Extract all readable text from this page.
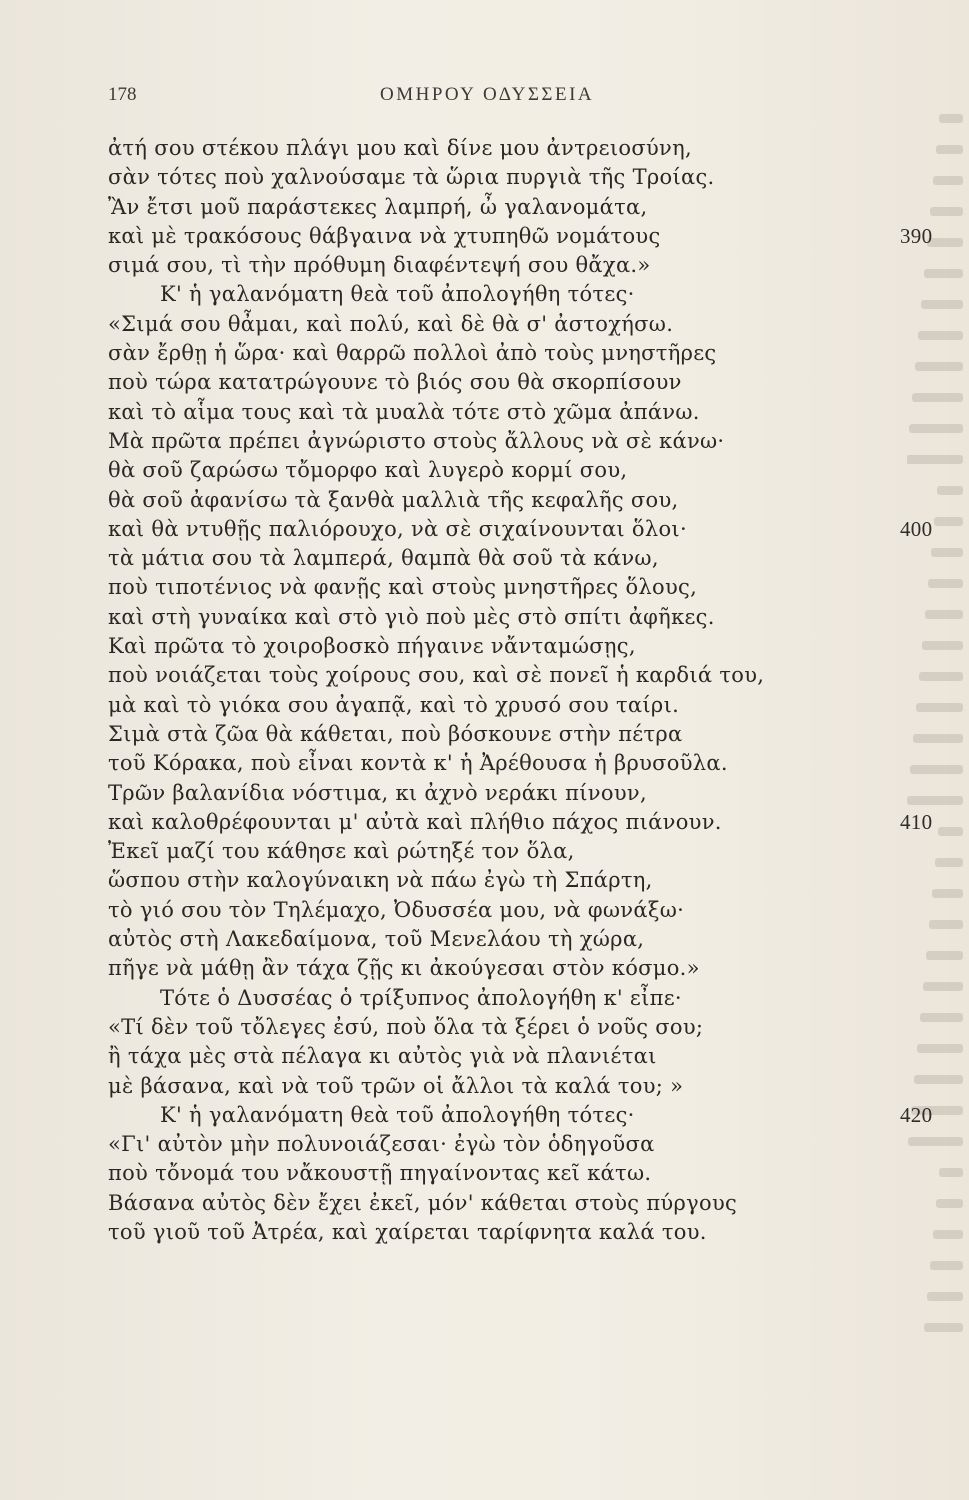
178	ΟΜΗΡΟΥ ΟΔΥΣΣΕΙΑ
ἀτή σου στέκου πλάγι μου καὶ δίνε μου ἀντρειοσύνη,
σὰν τότες ποὺ χαλνούσαμε τὰ ὥρια πυργιὰ τῆς Τροίας.
Ἂν ἔτσι μοῦ παράστεκες λαμπρή, ὦ γαλανομάτα,
καὶ μὲ τρακόσους θάβγαινα νὰ χτυπηθῶ νομάτους	390
σιμά σου, τὶ τὴν πρόθυμη διαφέντεψή σου θἄχα.»
Κ' ἡ γαλανόματη θεὰ τοῦ ἀπολογήθη τότες·
«Σιμά σου θἆμαι, καὶ πολύ, καὶ δὲ θὰ σ' ἀστοχήσω.
σὰν ἔρθῃ ἡ ὥρα· καὶ θαρρῶ πολλοὶ ἀπὸ τοὺς μνηστῆρες
ποὺ τώρα κατατρώγουνε τὸ βιός σου θὰ σκορπίσουν
καὶ τὸ αἷμα τους καὶ τὰ μυαλὰ τότε στὸ χῶμα ἀπάνω.
Μὰ πρῶτα πρέπει ἀγνώριστο στοὺς ἄλλους νὰ σὲ κάνω·
θὰ σοῦ ζαρώσω τὄμορφο καὶ λυγερὸ κορμί σου,
θὰ σοῦ ἀφανίσω τὰ ξανθὰ μαλλιὰ τῆς κεφαλῆς σου,
καὶ θὰ ντυθῇς παλιόρουχο, νὰ σὲ σιχαίνουνται ὅλοι·	400
τὰ μάτια σου τὰ λαμπερά, θαμπὰ θὰ σοῦ τὰ κάνω,
ποὺ τιποτένιος νὰ φανῇς καὶ στοὺς μνηστῆρες ὅλους,
καὶ στὴ γυναίκα καὶ στὸ γιὸ ποὺ μὲς στὸ σπίτι ἀφῆκες.
Καὶ πρῶτα τὸ χοιροβοσκὸ πήγαινε νἄνταμώσῃς,
ποὺ νοιάζεται τοὺς χοίρους σου, καὶ σὲ πονεῖ ἡ καρδιά του,
μὰ καὶ τὸ γιόκα σου ἀγαπᾷ, καὶ τὸ χρυσό σου ταίρι.
Σιμὰ στὰ ζῶα θὰ κάθεται, ποὺ βόσκουνε στὴν πέτρα
τοῦ Κόρακα, ποὺ εἶναι κοντὰ κ' ἡ Ἀρέθουσα ἡ βρυσοῦλα.
Τρῶν βαλανίδια νόστιμα, κι ἀχνὸ νεράκι πίνουν,
καὶ καλοθρέφουνται μ' αὐτὰ καὶ πλήθιο πάχος πιάνουν.	410
Ἐκεῖ μαζί του κάθησε καὶ ρώτηξέ τον ὅλα,
ὥσπου στὴν καλογύναικη νὰ πάω ἐγὼ τὴ Σπάρτη,
τὸ γιό σου τὸν Τηλέμαχο, Ὀδυσσέα μου, νὰ φωνάξω·
αὐτὸς στὴ Λακεδαίμονα, τοῦ Μενελάου τὴ χώρα,
πῆγε νὰ μάθῃ ἂν τάχα ζῇς κι ἀκούγεσαι στὸν κόσμο.»
Τότε ὁ Δυσσέας ὁ τρίξυπνος ἀπολογήθη κ' εἶπε·
«Τί δὲν τοῦ τὄλεγες ἐσύ, ποὺ ὅλα τὰ ξέρει ὁ νοῦς σου;
ἢ τάχα μὲς στὰ πέλαγα κι αὐτὸς γιὰ νὰ πλανιέται
μὲ βάσανα, καὶ νὰ τοῦ τρῶν οἱ ἄλλοι τὰ καλά του; »
Κ' ἡ γαλανόματη θεὰ τοῦ ἀπολογήθη τότες·	420
«Γι' αὐτὸν μὴν πολυνοιάζεσαι· ἐγὼ τὸν ὁδηγοῦσα
ποὺ τὄνομά του νἄκουστῇ πηγαίνοντας κεῖ κάτω.
Βάσανα αὐτὸς δὲν ἔχει ἐκεῖ, μόν' κάθεται στοὺς πύργους
τοῦ γιοῦ τοῦ Ἀτρέα, καὶ χαίρεται ταρίφνητα καλά του.
